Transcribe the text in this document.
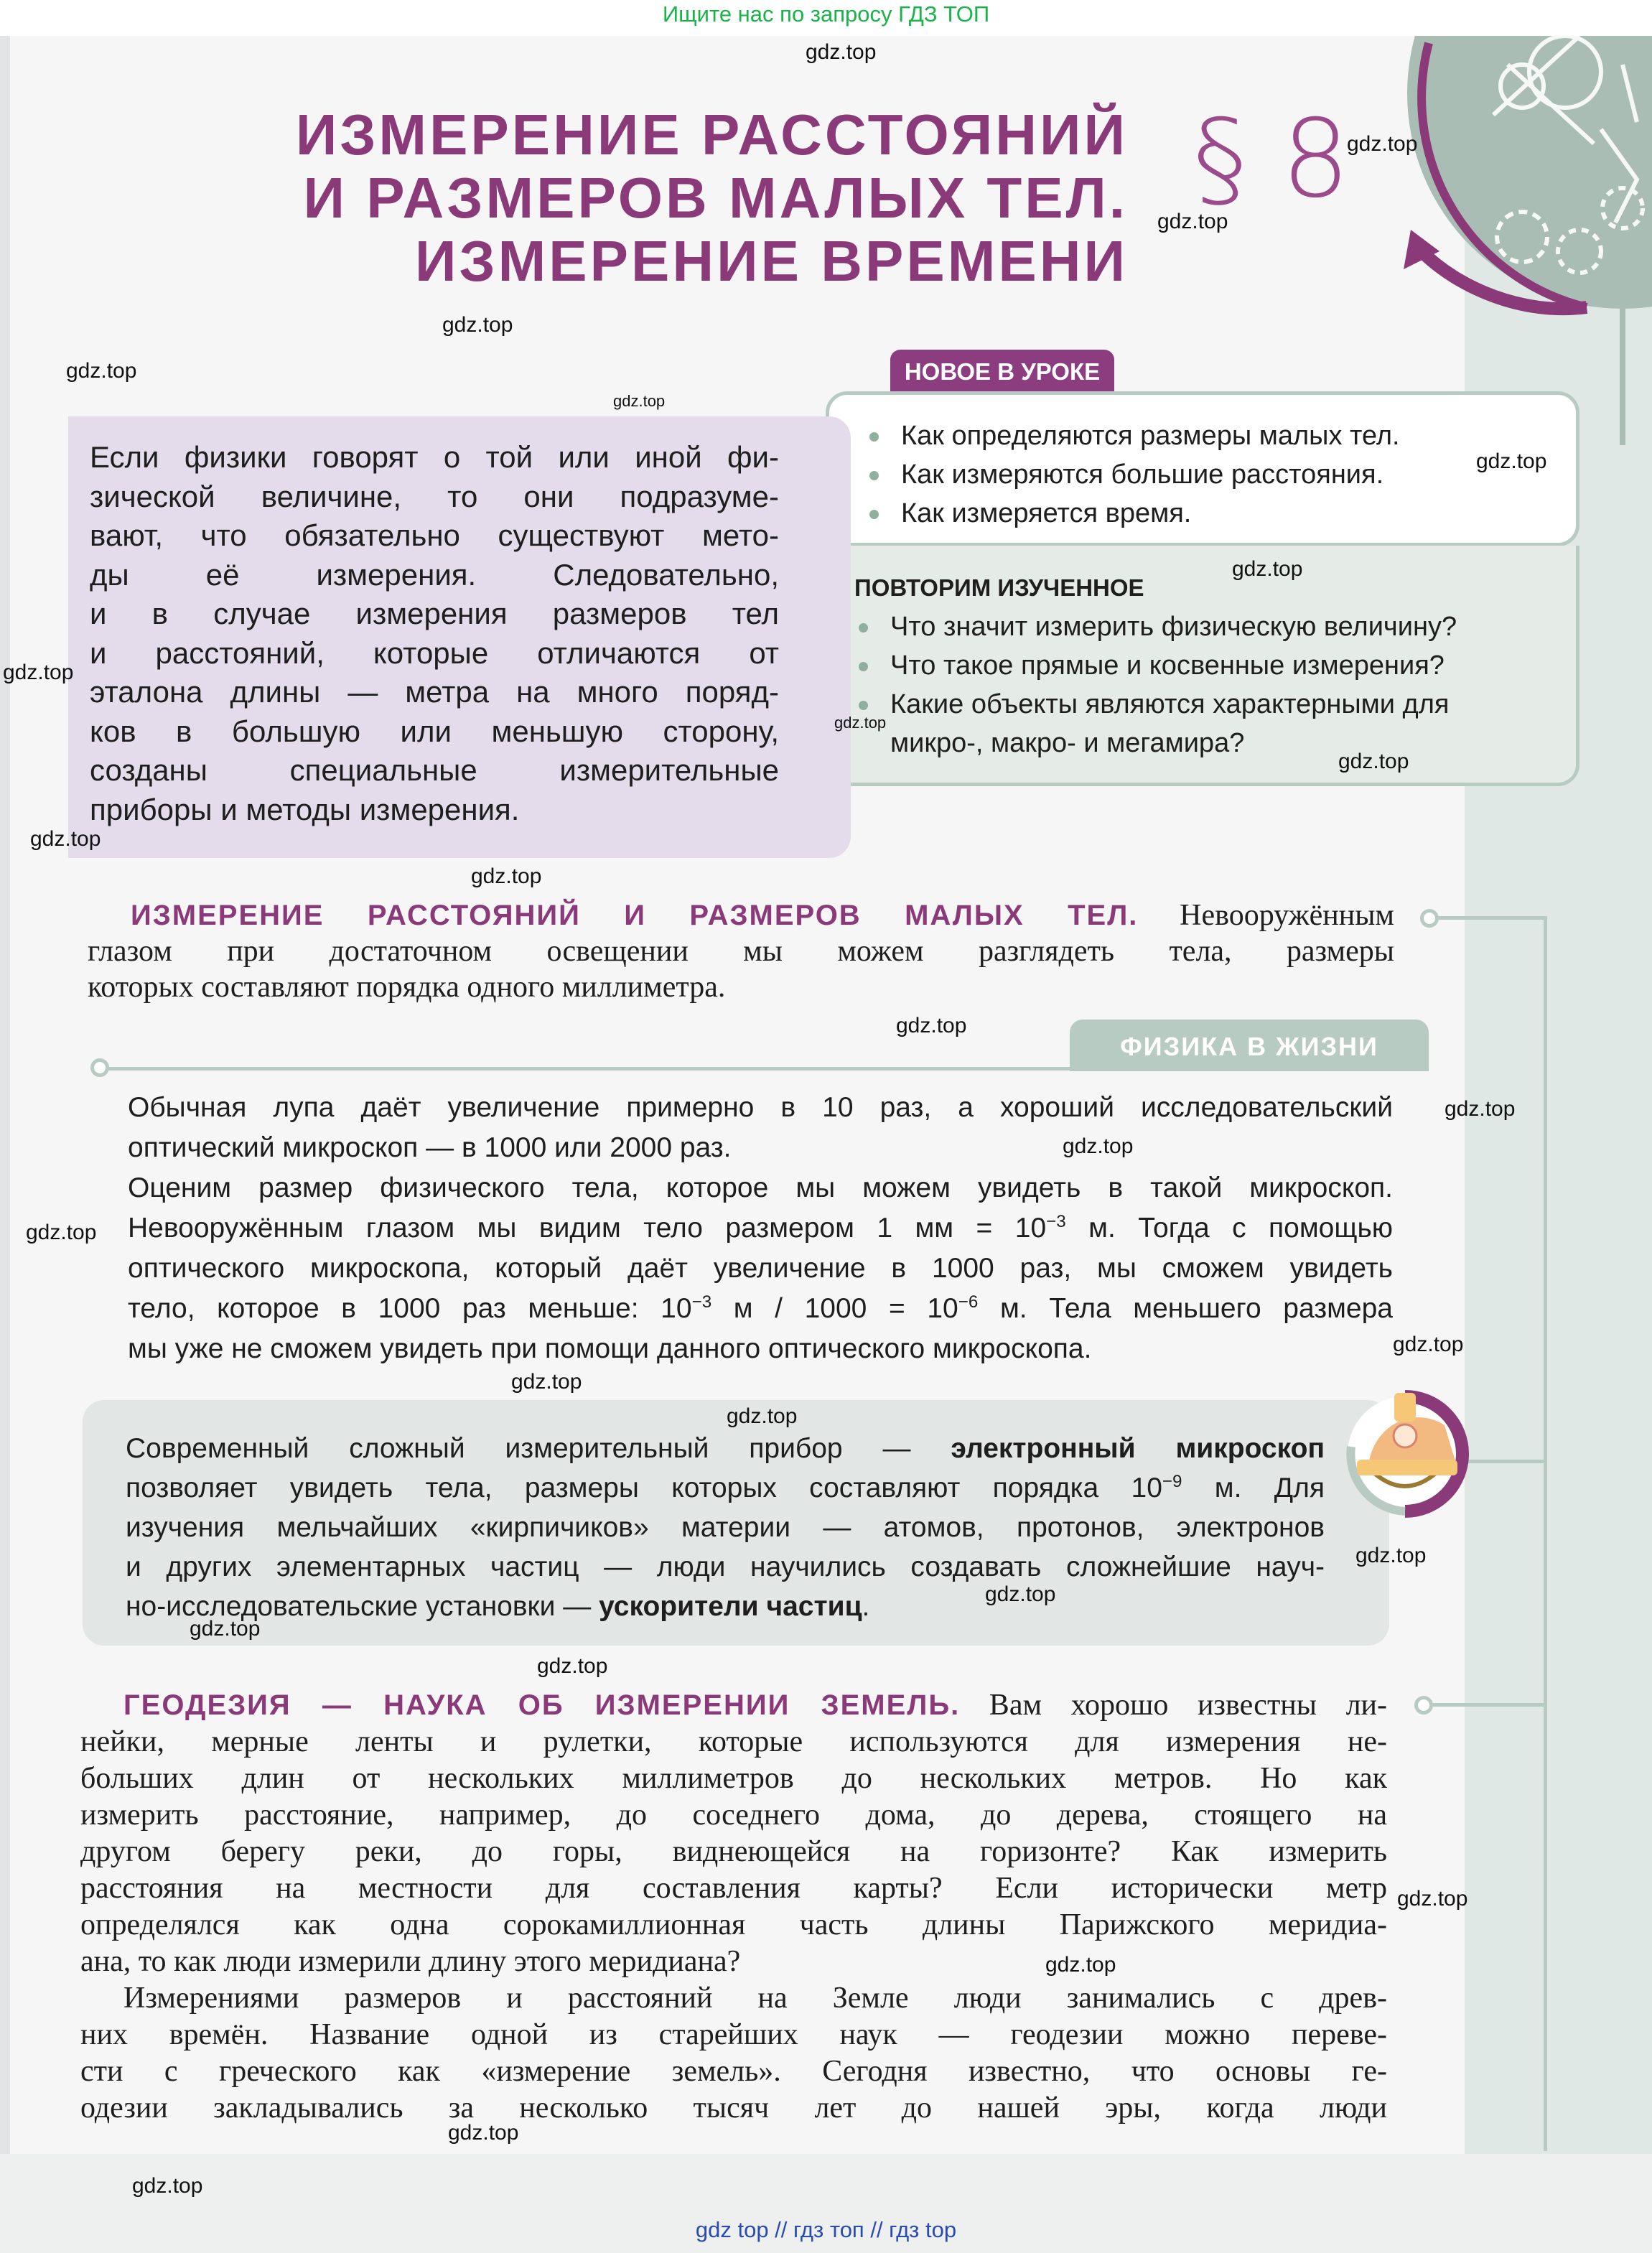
Ищите нас по запросу ГДЗ ТОП
ИЗМЕРЕНИЕ РАССТОЯНИЙ
И РАЗМЕРОВ МАЛЫХ ТЕЛ.
ИЗМЕРЕНИЕ ВРЕМЕНИ
§ 8
НОВОЕ В УРОКЕ
Как определяются размеры малых тел.
Как измеряются большие расстояния.
Как измеряется время.
ПОВТОРИМ ИЗУЧЕННОЕ
Что значит измерить физическую величину?
Что такое прямые и косвенные измерения?
Какие объекты являются характерными для
микро-, макро- и мегамира?
Если физики говорят о той или иной фи-
зической величине, то они подразуме-
вают, что обязательно существуют мето-
ды её измерения. Следовательно,
и в случае измерения размеров тел
и расстояний, которые отличаются от
эталона длины — метра на много поряд-
ков в большую или меньшую сторону,
созданы специальные измерительные
приборы и методы измерения.
ИЗМЕРЕНИЕ РАССТОЯНИЙ И РАЗМЕРОВ МАЛЫХ ТЕЛ. Невооружённым
глазом при достаточном освещении мы можем разглядеть тела, размеры
которых составляют порядка одного миллиметра.
ФИЗИКА В ЖИЗНИ
Обычная лупа даёт увеличение примерно в 10 раз, а хороший исследовательский
оптический микроскоп — в 1000 или 2000 раз.
Оценим размер физического тела, которое мы можем увидеть в такой микроскоп.
Невооружённым глазом мы видим тело размером 1 мм = $10^{-3}$ м. Тогда с помощью
оптического микроскопа, который даёт увеличение в 1000 раз, мы сможем увидеть
тело, которое в 1000 раз меньше: $10^{-3}$ $м / 1000 = 10^{-6}$ м. Тела меньшего размера
мы уже не сможем увидеть при помощи данного оптического микроскопа.
Современный сложный измерительный прибор — электронный микроскоп
позволяет увидеть тела, размеры которых составляют порядка $10^{-9}$ м. Для
изучения мельчайших «кирпичиков» материи — атомов, протонов, электронов
и других элементарных частиц — люди научились создавать сложнейшие науч-
но-исследовательские установки — ускорители частиц.
ГЕОДЕЗИЯ — НАУКА ОБ ИЗМЕРЕНИИ ЗЕМЕЛЬ. Вам хорошо известны ли-
нейки, мерные ленты и рулетки, которые используются для измерения не-
больших длин от нескольких миллиметров до нескольких метров. Но как
измерить расстояние, например, до соседнего дома, до дерева, стоящего на
другом берегу реки, до горы, виднеющейся на горизонте? Как измерить
расстояния на местности для составления карты? Если исторически метр
определялся как одна сорокамиллионная часть длины Парижского меридиа-
ана, то как люди измерили длину этого меридиана?
Измерениями размеров и расстояний на Земле люди занимались с древ-
них времён. Название одной из старейших наук — геодезии можно переве-
сти с греческого как «измерение земель». Сегодня известно, что основы ге-
одезии закладывались за несколько тысяч лет до нашей эры, когда люди
gdz.top
gdz.top
gdz.top
gdz.top
gdz.top
gdz.top
gdz.top
gdz.top
gdz.top
gdz.top
gdz.top
gdz.top
gdz.top
gdz.top
gdz.top
gdz.top
gdz.top
gdz.top
gdz.top
gdz.top
gdz.top
gdz.top
gdz.top
gdz.top
gdz.top
gdz.top
gdz.top
gdz.top
gdz top // гдз топ // гдз top
